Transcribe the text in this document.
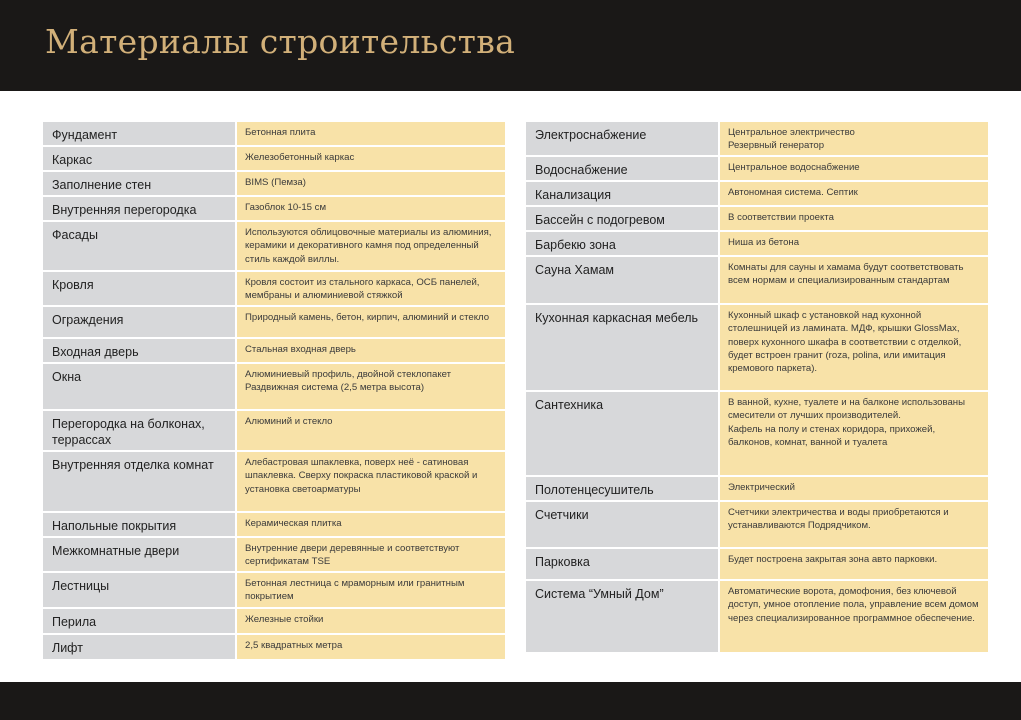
Материалы строительства
Фундамент	Бетонная плита
Каркас	Железобетонный каркас
Заполнение стен	BIMS (Пемза)
Внутренняя перегородка	Газоблок 10-15 см
Фасады	Используются облицовочные материалы из алюминия, керамики и декоративного камня под определенный стиль каждой виллы.
Кровля	Кровля состоит из стального каркаса, ОСБ панелей, мембраны и алюминиевой стяжкой
Ограждения	Природный камень, бетон, кирпич, алюминий и стекло
Входная дверь	Стальная входная дверь
Окна	Алюминиевый профиль, двойной стеклопакет
Раздвижная система (2,5 метра высота)
Перегородка на болконах, террассах	Алюминий и стекло
Внутренняя отделка комнат	Алебастровая шпаклевка, поверх неё - сатиновая шпаклевка. Сверху покраска пластиковой краской и установка светоарматуры
Напольные покрытия	Керамическая плитка
Межкомнатные двери	Внутренние двери деревянные и соответствуют сертификатам TSE
Лестницы	Бетонная лестница с мраморным или гранитным покрытием
Перила	Железные стойки
Лифт	2,5 квадратных метра
Электроснабжение	Центральное электричество
Резервный генератор
Водоснабжение	Центральное водоснабжение
Канализация	Автономная система. Септик
Бассейн с подогревом	В соответствии проекта
Барбекю зона	Ниша из бетона
Сауна Хамам	Комнаты для сауны и хамама будут соответствовать всем нормам и специализированным стандартам
Кухонная каркасная мебель	Кухонный шкаф с установкой над кухонной столешницей из ламината. МДФ, крышки GlossMax, поверх кухонного шкафа в соответствии с отделкой, будет встроен гранит (roza, polina, или имитация кремового паркета).
Сантехника	В ванной, кухне, туалете и на балконе использованы смесители от лучших производителей.
Кафель на полу и стенах коридора, прихожей, балконов, комнат, ванной и туалета
Полотенцесушитель	Электрический
Счетчики	Счетчики электричества и воды приобретаются и устанавливаются Подрядчиком.
Парковка	Будет построена закрытая зона авто парковки.
Система “Умный Дом”	Автоматические ворота, домофония, без ключевой доступ, умное отопление пола, управление всем домом через специализированное программное обеспечение.
